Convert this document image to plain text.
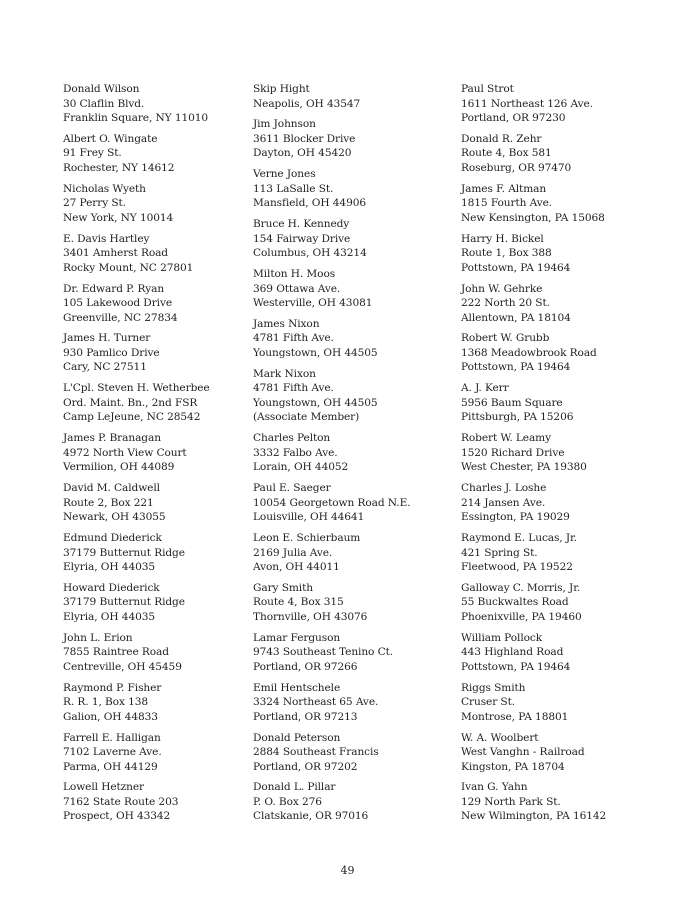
Donald Wilson
30 Claflin Blvd.
Franklin Square, NY 11010
Albert O. Wingate
91 Frey St.
Rochester, NY 14612
Nicholas Wyeth
27 Perry St.
New York, NY 10014
E. Davis Hartley
3401 Amherst Road
Rocky Mount, NC 27801
Dr. Edward P. Ryan
105 Lakewood Drive
Greenville, NC 27834
James H. Turner
930 Pamlico Drive
Cary, NC 27511
L'Cpl. Steven H. Wetherbee
Ord. Maint. Bn., 2nd FSR
Camp LeJeune, NC 28542
James P. Branagan
4972 North View Court
Vermilion, OH 44089
David M. Caldwell
Route 2, Box 221
Newark, OH 43055
Edmund Diederick
37179 Butternut Ridge
Elyria, OH 44035
Howard Diederick
37179 Butternut Ridge
Elyria, OH 44035
John L. Erion
7855 Raintree Road
Centreville, OH 45459
Raymond P. Fisher
R. R. 1, Box 138
Galion, OH 44833
Farrell E. Halligan
7102 Laverne Ave.
Parma, OH 44129
Lowell Hetzner
7162 State Route 203
Prospect, OH 43342
Skip Hight
Neapolis, OH 43547
Jim Johnson
3611 Blocker Drive
Dayton, OH 45420
Verne Jones
113 LaSalle St.
Mansfield, OH 44906
Bruce H. Kennedy
154 Fairway Drive
Columbus, OH 43214
Milton H. Moos
369 Ottawa Ave.
Westerville, OH 43081
James Nixon
4781 Fifth Ave.
Youngstown, OH 44505
Mark Nixon
4781 Fifth Ave.
Youngstown, OH 44505
(Associate Member)
Charles Pelton
3332 Falbo Ave.
Lorain, OH 44052
Paul E. Saeger
10054 Georgetown Road N.E.
Louisville, OH 44641
Leon E. Schierbaum
2169 Julia Ave.
Avon, OH 44011
Gary Smith
Route 4, Box 315
Thornville, OH 43076
Lamar Ferguson
9743 Southeast Tenino Ct.
Portland, OR 97266
Emil Hentschele
3324 Northeast 65 Ave.
Portland, OR 97213
Donald Peterson
2884 Southeast Francis
Portland, OR 97202
Donald L. Pillar
P. O. Box 276
Clatskanie, OR 97016
Paul Strot
1611 Northeast 126 Ave.
Portland, OR 97230
Donald R. Zehr
Route 4, Box 581
Roseburg, OR 97470
James F. Altman
1815 Fourth Ave.
New Kensington, PA 15068
Harry H. Bickel
Route 1, Box 388
Pottstown, PA 19464
John W. Gehrke
222 North 20 St.
Allentown, PA 18104
Robert W. Grubb
1368 Meadowbrook Road
Pottstown, PA 19464
A. J. Kerr
5956 Baum Square
Pittsburgh, PA 15206
Robert W. Leamy
1520 Richard Drive
West Chester, PA 19380
Charles J. Loshe
214 Jansen Ave.
Essington, PA 19029
Raymond E. Lucas, Jr.
421 Spring St.
Fleetwood, PA 19522
Galloway C. Morris, Jr.
55 Buckwaltes Road
Phoenixville, PA 19460
William Pollock
443 Highland Road
Pottstown, PA 19464
Riggs Smith
Cruser St.
Montrose, PA 18801
W. A. Woolbert
West Vanghn - Railroad
Kingston, PA 18704
Ivan G. Yahn
129 North Park St.
New Wilmington, PA 16142
49
